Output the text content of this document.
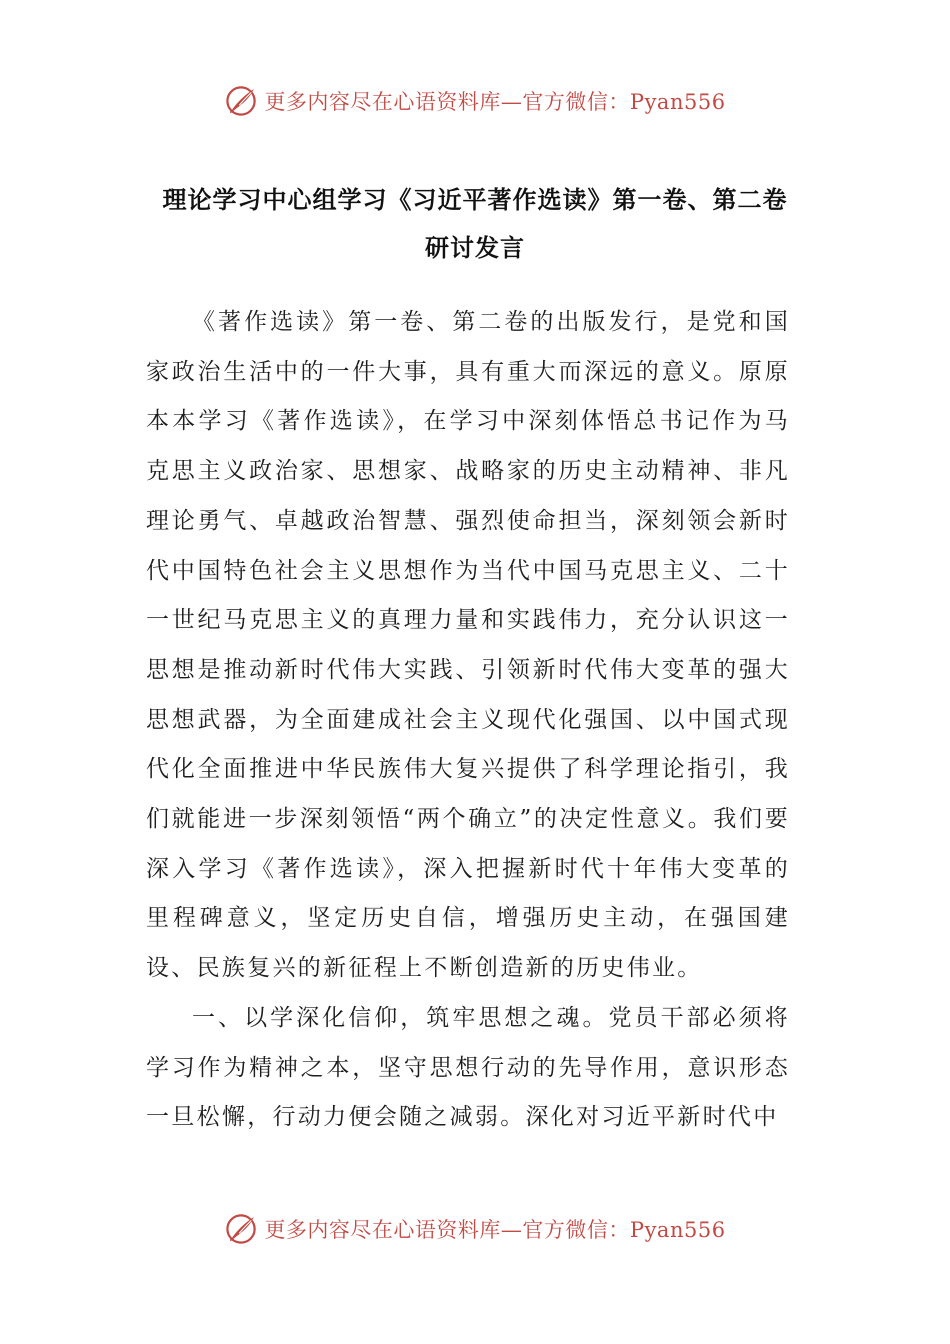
更多内容尽在心语资料库—官方微信：Pyan556
理论学习中心组学习《习近平著作选读》第一卷、第二卷
研讨发言

《著作选读》第一卷、第二卷的出版发行，是党和国家政治生活中的一件大事，具有重大而深远的意义。原原本本学习《著作选读》，在学习中深刻体悟总书记作为马克思主义政治家、思想家、战略家的历史主动精神、非凡理论勇气、卓越政治智慧、强烈使命担当，深刻领会新时代中国特色社会主义思想作为当代中国马克思主义、二十一世纪马克思主义的真理力量和实践伟力，充分认识这一思想是推动新时代伟大实践、引领新时代伟大变革的强大思想武器，为全面建成社会主义现代化强国、以中国式现代化全面推进中华民族伟大复兴提供了科学理论指引，我们就能进一步深刻领悟“两个确立”的决定性意义。我们要深入学习《著作选读》，深入把握新时代十年伟大变革的里程碑意义，坚定历史自信，增强历史主动，在强国建设、民族复兴的新征程上不断创造新的历史伟业。

一、以学深化信仰，筑牢思想之魂。党员干部必须将学习作为精神之本，坚守思想行动的先导作用，意识形态一旦松懈，行动力便会随之减弱。深化对习近平新时代中

更多内容尽在心语资料库—官方微信：Pyan556
